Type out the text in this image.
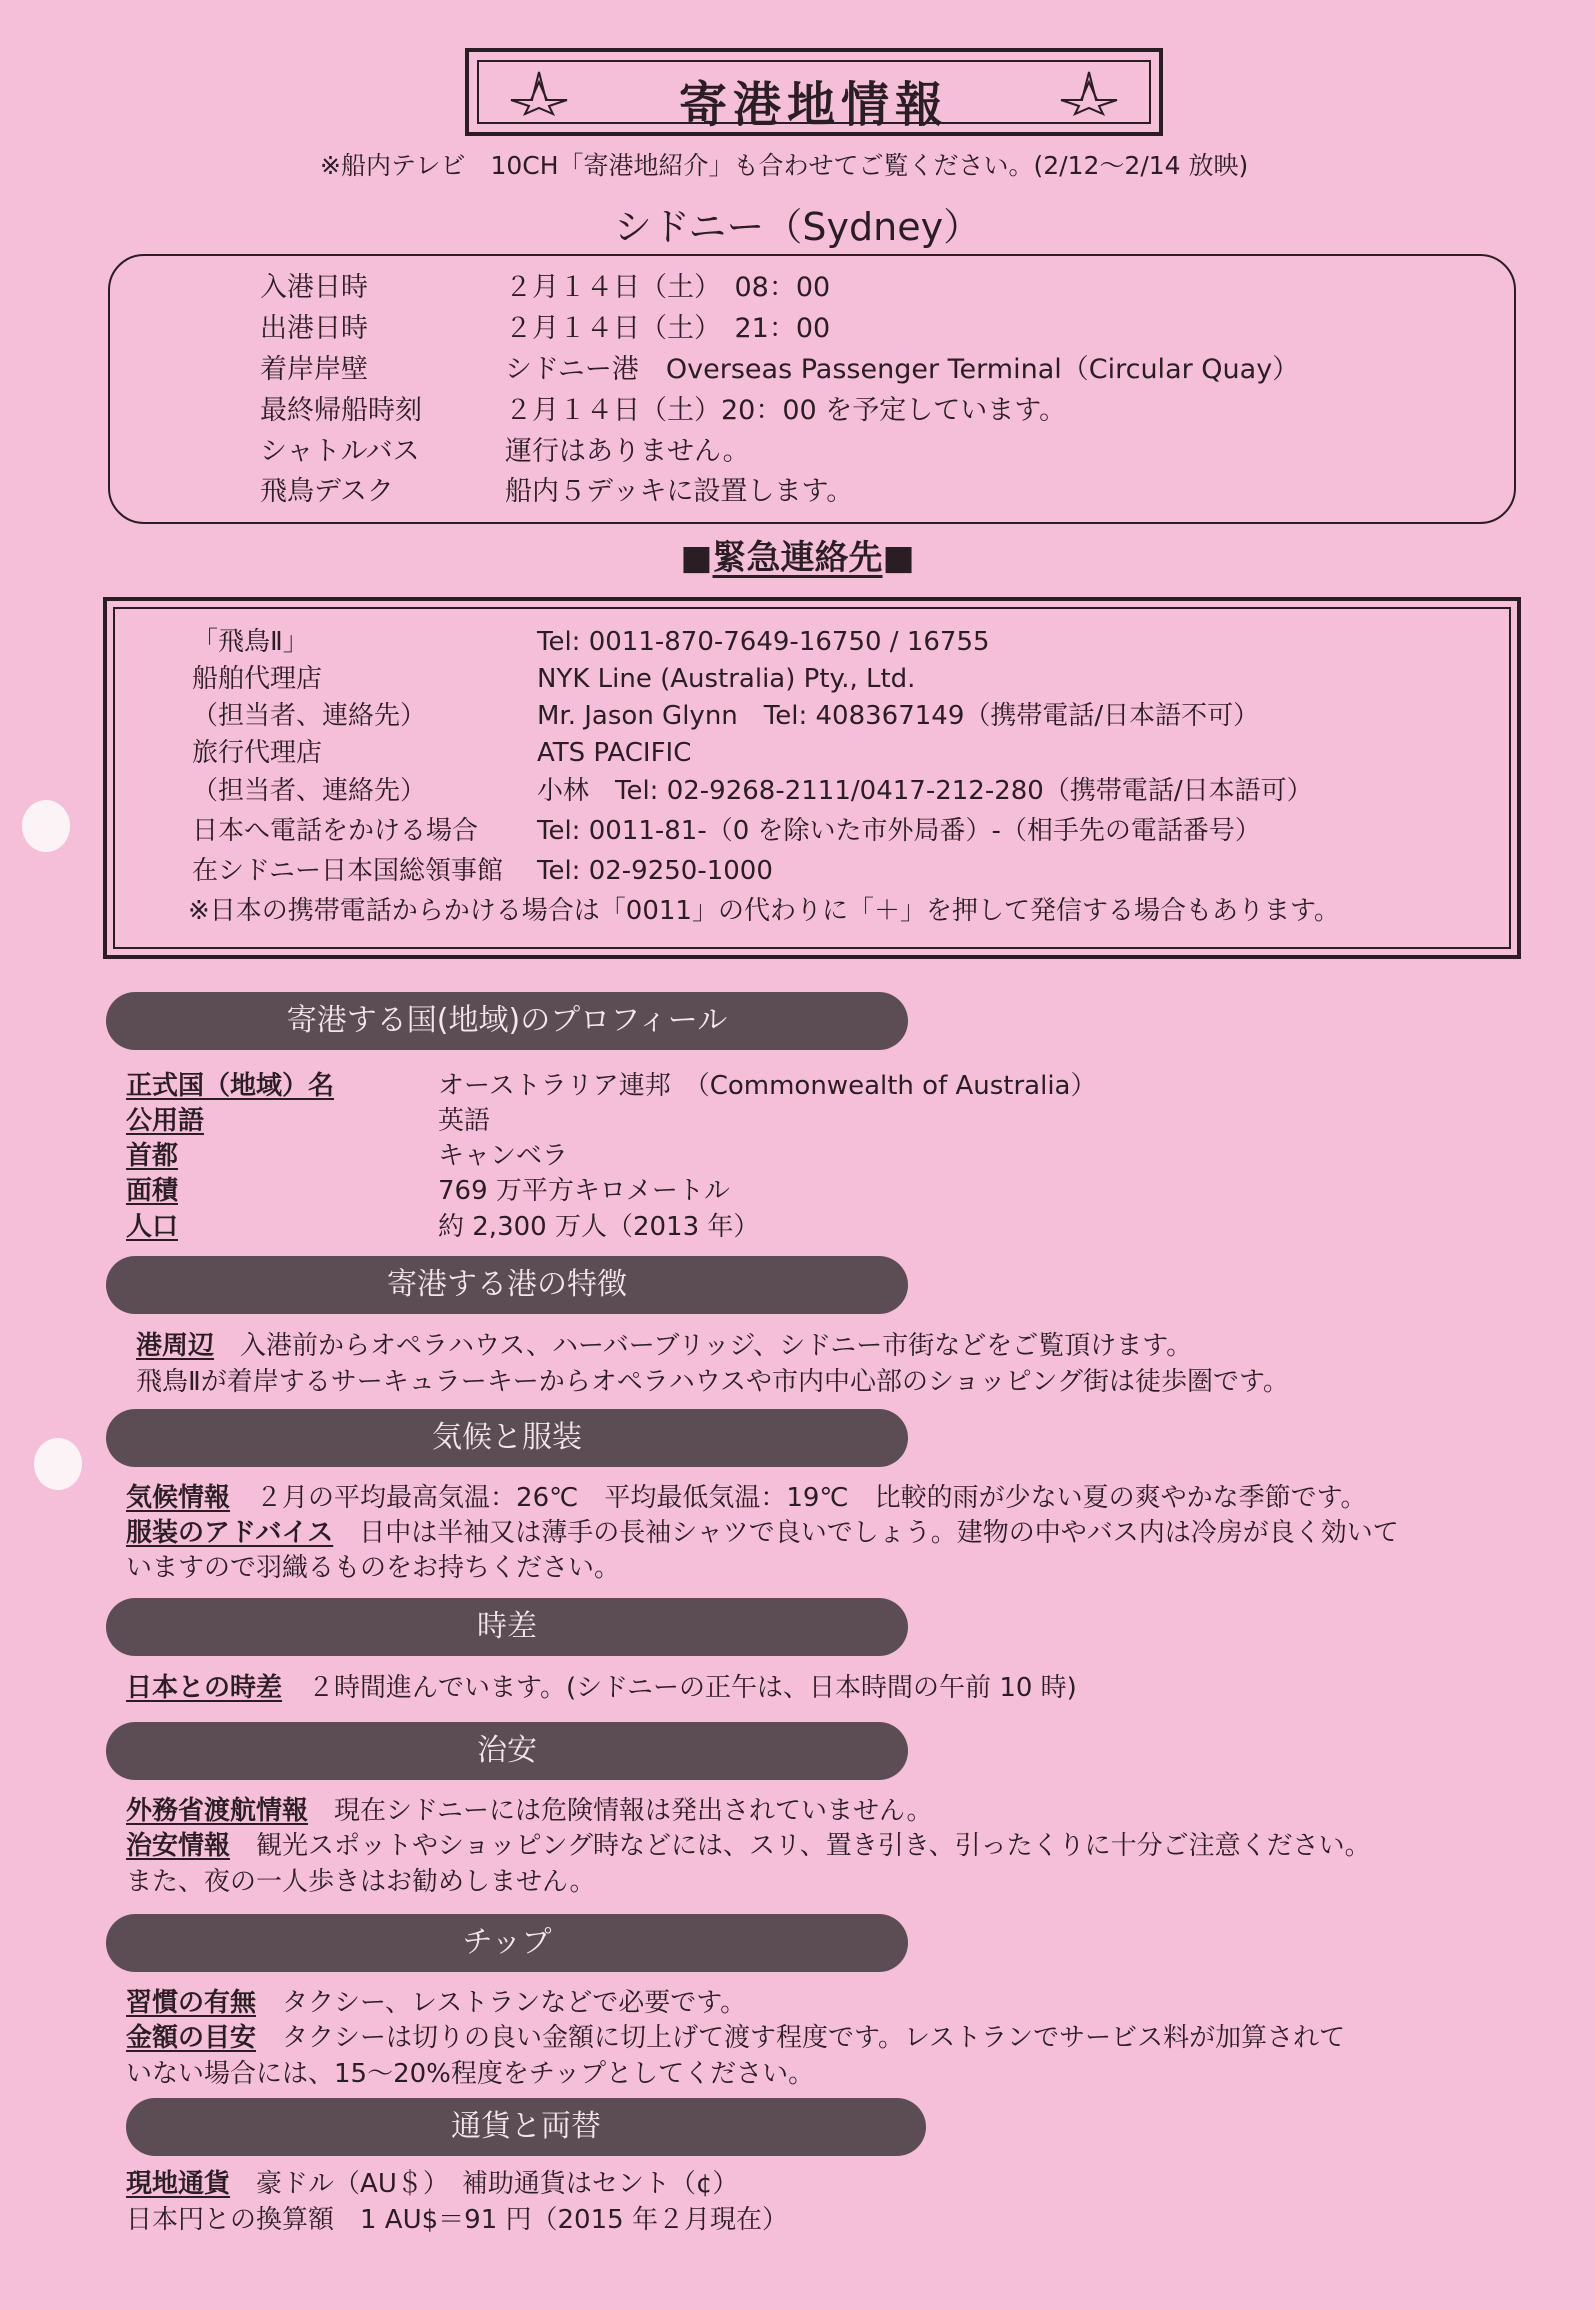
寄港地情報
※船内テレビ　10CH「寄港地紹介」も合わせてご覧ください。(2/12〜2/14 放映)
シドニー（Sydney）
入港日時	２月１４日（土）　08：00
出港日時	２月１４日（土）　21：00
着岸岸壁	シドニー港　Overseas Passenger Terminal（Circular Quay）
最終帰船時刻	２月１４日（土）20：00 を予定しています。
シャトルバス	運行はありません。
飛鳥デスク	船内５デッキに設置します。
■緊急連絡先■
「飛鳥Ⅱ」	Tel: 0011-870-7649-16750 / 16755
船舶代理店	NYK Line (Australia) Pty., Ltd.
（担当者、連絡先）	Mr. Jason Glynn　Tel: 408367149（携帯電話/日本語不可）
旅行代理店	ATS PACIFIC
（担当者、連絡先）	小林　Tel: 02-9268-2111/0417-212-280（携帯電話/日本語可）
日本へ電話をかける場合 Tel: 0011-81-（0 を除いた市外局番）-（相手先の電話番号）
在シドニー日本国総領事館 Tel: 02-9250-1000
※日本の携帯電話からかける場合は「0011」の代わりに「＋」を押して発信する場合もあります。
寄港する国(地域)のプロフィール
正式国（地域）名	オーストラリア連邦　（Commonwealth of Australia）
公用語	英語
首都	キャンベラ
面積	769 万平方キロメートル
人口	約 2,300 万人（2013 年）
寄港する港の特徴
港周辺　 入港前からオペラハウス、ハーバーブリッジ、シドニー市街などをご覧頂けます。
飛鳥Ⅱが着岸するサーキュラーキーからオペラハウスや市内中心部のショッピング街は徒歩圏です。
気候と服装
気候情報　 ２月の平均最高気温：26℃　平均最低気温：19℃　比較的雨が少ない夏の爽やかな季節です。
服装のアドバイス　 日中は半袖又は薄手の長袖シャツで良いでしょう。建物の中やバス内は冷房が良く効いて
いますので羽織るものをお持ちください。
時差
日本との時差　 ２時間進んでいます。(シドニーの正午は、日本時間の午前 10 時)
治安
外務省渡航情報　 現在シドニーには危険情報は発出されていません。
治安情報　 観光スポットやショッピング時などには、スリ、置き引き、引ったくりに十分ご注意ください。
また、夜の一人歩きはお勧めしません。
チップ
習慣の有無　 タクシー、レストランなどで必要です。
金額の目安　 タクシーは切りの良い金額に切上げて渡す程度です。レストランでサービス料が加算されて
いない場合には、15〜20%程度をチップとしてください。
通貨と両替
現地通貨　 豪ドル（AU＄）　補助通貨はセント（¢）
日本円との換算額　1 AU$＝91 円（2015 年２月現在）
